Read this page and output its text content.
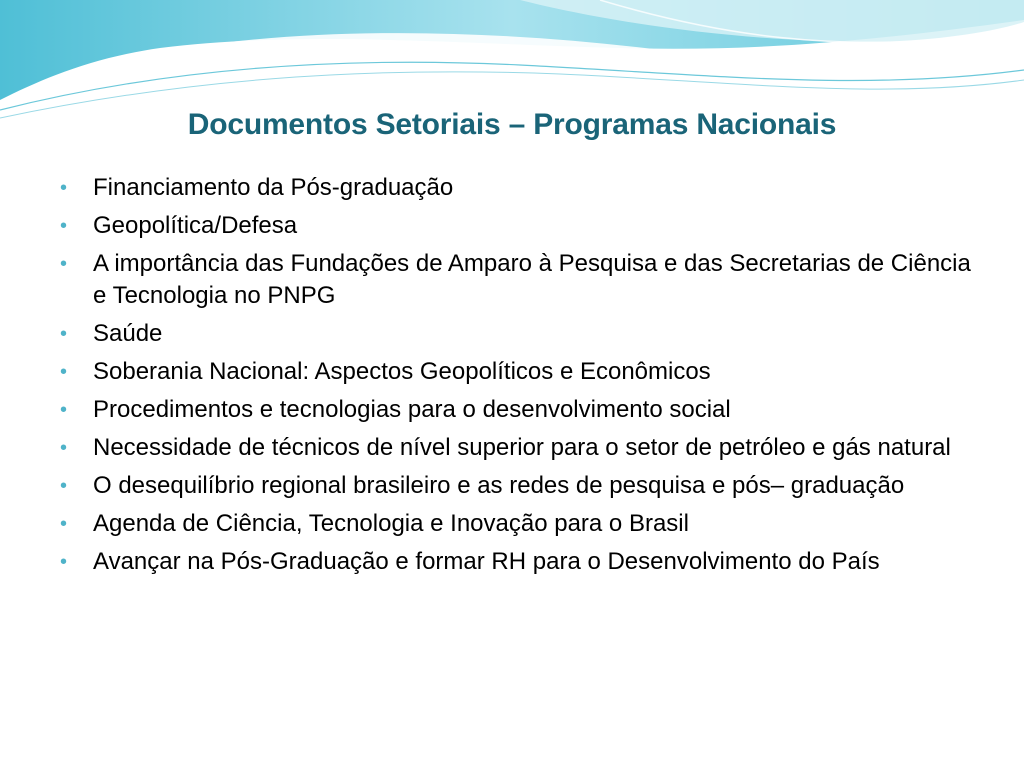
Documentos Setoriais – Programas Nacionais
• Financiamento da Pós-graduação
• Geopolítica/Defesa
• A importância das Fundações de Amparo à Pesquisa e das Secretarias de Ciência e Tecnologia no PNPG
• Saúde
• Soberania Nacional: Aspectos Geopolíticos e Econômicos
• Procedimentos e tecnologias para o desenvolvimento social
• Necessidade de técnicos de nível superior para o setor de petróleo e gás natural
• O desequilíbrio regional brasileiro e as redes de pesquisa e pós– graduação
• Agenda de Ciência, Tecnologia e Inovação para o Brasil
• Avançar na Pós-Graduação e formar RH para o Desenvolvimento do País
